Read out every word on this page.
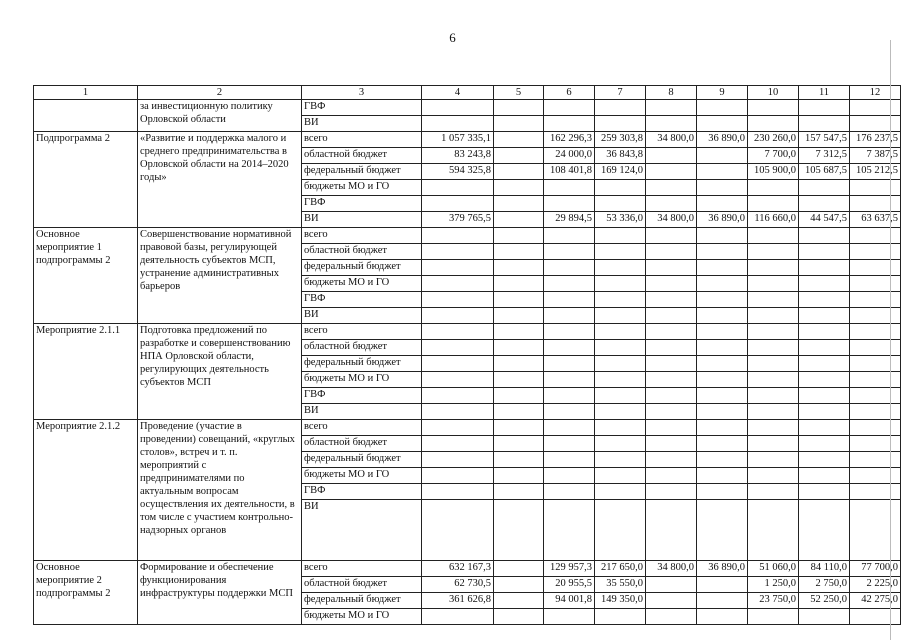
6
1	2	3	4	5	6	7	8	9	10	11	12
	за инвестиционную политику Орловской области	ГВФ									
		ВИ									
Подпрограмма 2	«Развитие и поддержка малого и среднего предпринимательства в Орловской области на 2014–2020 годы»	всего	1 057 335,1		162 296,3	259 303,8	34 800,0	36 890,0	230 260,0	157 547,5	176 237,5
		областной бюджет	83 243,8		24 000,0	36 843,8			7 700,0	7 312,5	7 387,5
		федеральный бюджет	594 325,8		108 401,8	169 124,0			105 900,0	105 687,5	105 212,5
		бюджеты МО и ГО									
		ГВФ									
		ВИ	379 765,5		29 894,5	53 336,0	34 800,0	36 890,0	116 660,0	44 547,5	63 637,5
Основное мероприятие 1 подпрограммы 2	Совершенствование нормативной правовой базы, регулирующей деятельность субъектов МСП, устранение административных барьеров	всего									
		областной бюджет									
		федеральный бюджет									
		бюджеты МО и ГО									
		ГВФ									
		ВИ									
Мероприятие 2.1.1	Подготовка предложений по разработке и совершенствованию НПА Орловской области, регулирующих деятельность субъектов МСП	всего									
		областной бюджет									
		федеральный бюджет									
		бюджеты МО и ГО									
		ГВФ									
		ВИ									
Мероприятие 2.1.2	Проведение (участие в проведении) совещаний, «круглых столов», встреч и т. п. мероприятий с предпринимателями по актуальным вопросам осуществления их деятельности, в том числе с участием контрольно-надзорных органов	всего									
		областной бюджет									
		федеральный бюджет									
		бюджеты МО и ГО									
		ГВФ									
		ВИ									
Основное мероприятие 2 подпрограммы 2	Формирование и обеспечение функционирования инфраструктуры поддержки МСП	всего	632 167,3		129 957,3	217 650,0	34 800,0	36 890,0	51 060,0	84 110,0	77 700,0
		областной бюджет	62 730,5		20 955,5	35 550,0			1 250,0	2 750,0	2 225,0
		федеральный бюджет	361 626,8		94 001,8	149 350,0			23 750,0	52 250,0	42 275,0
		бюджеты МО и ГО									
